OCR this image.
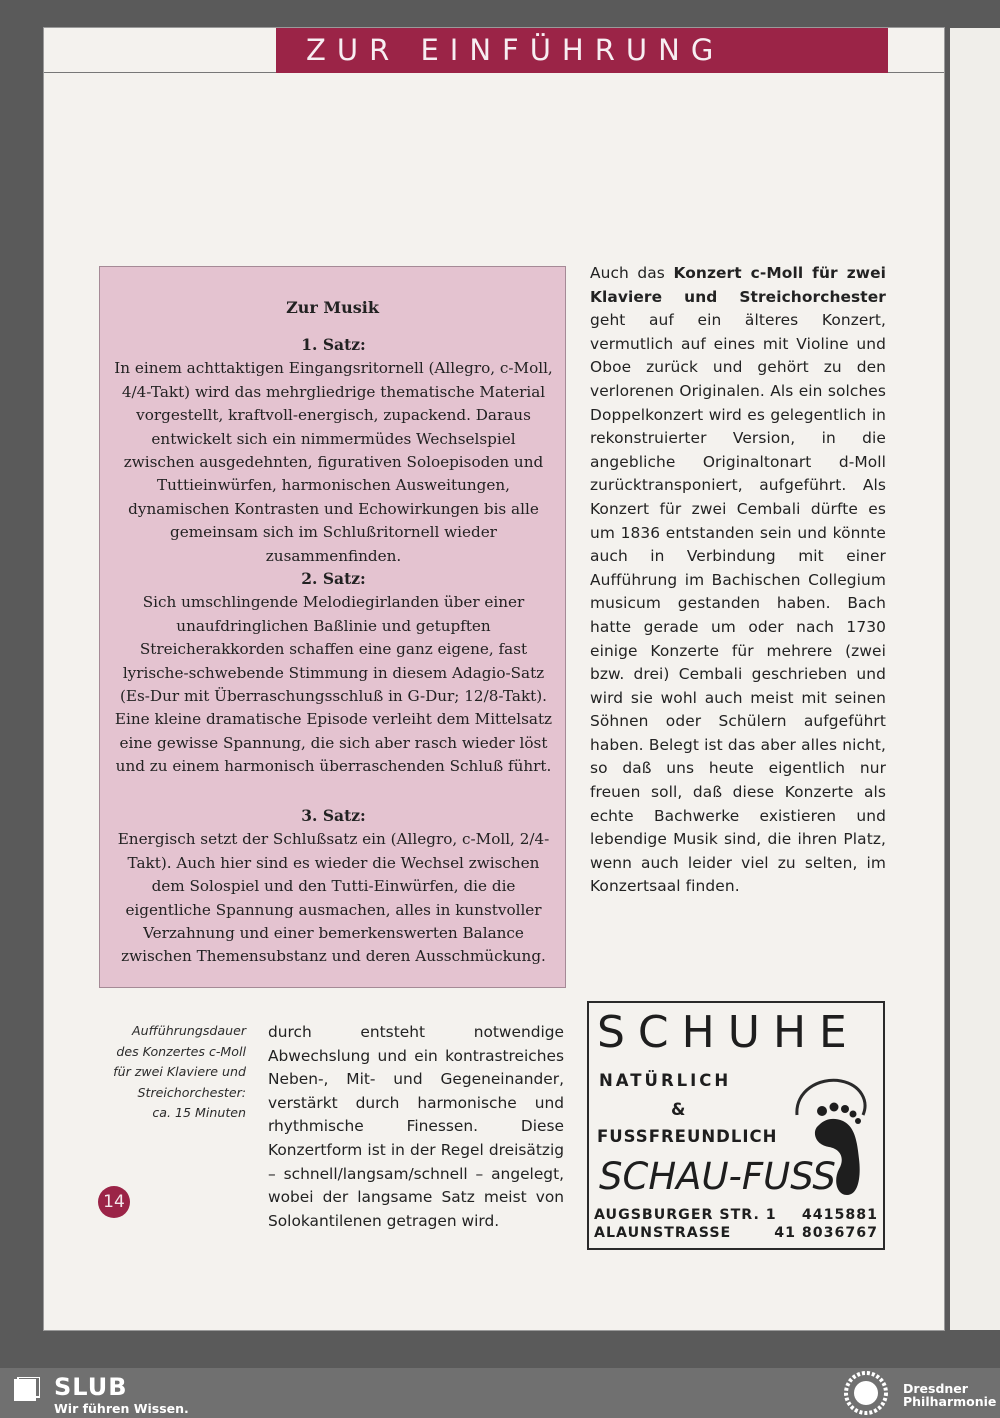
ZUR EINFÜHRUNG
Zur Musik
1. Satz:

In einem achttaktigen Eingangsritornell (Allegro, c-Moll, 4/4-Takt) wird das mehrgliedrige thematische Material vorgestellt, kraftvoll-energisch, zupackend. Daraus entwickelt sich ein nimmermüdes Wechselspiel zwischen ausgedehnten, figurativen Soloepisoden und Tuttieinwürfen, harmonischen Ausweitungen, dynamischen Kontrasten und Echowirkungen bis alle gemeinsam sich im Schlußritornell wieder zusammenfinden.

2. Satz:

Sich umschlingende Melodiegirlanden über einer unaufdringlichen Baßlinie und getupften Streicherakkorden schaffen eine ganz eigene, fast lyrische-schwebende Stimmung in diesem Adagio-Satz (Es-Dur mit Überraschungsschluß in G-Dur; 12/8-Takt). Eine kleine dramatische Episode verleiht dem Mittelsatz eine gewisse Spannung, die sich aber rasch wieder löst und zu einem harmonisch überraschenden Schluß führt.

3. Satz:

Energisch setzt der Schlußsatz ein (Allegro, c-Moll, 2/4-Takt). Auch hier sind es wieder die Wechsel zwischen dem Solospiel und den Tutti-Einwürfen, die die eigentliche Spannung ausmachen, alles in kunstvoller Verzahnung und einer bemerkenswerten Balance zwischen Themensubstanz und deren Ausschmückung.

Auch das Konzert c-Moll für zwei Klaviere und Streichorchester geht auf ein älteres Konzert, vermutlich auf eines mit Violine und Oboe zurück und gehört zu den verlorenen Originalen. Als ein solches Doppelkonzert wird es gelegentlich in rekonstruierter Version, in die angebliche Originaltonart d-Moll zurücktransponiert, aufgeführt. Als Konzert für zwei Cembali dürfte es um 1836 entstanden sein und könnte auch in Verbindung mit einer Aufführung im Bachischen Collegium musicum gestanden haben. Bach hatte gerade um oder nach 1730 einige Konzerte für mehrere (zwei bzw. drei) Cembali geschrieben und wird sie wohl auch meist mit seinen Söhnen oder Schülern aufgeführt haben. Belegt ist das aber alles nicht, so daß uns heute eigentlich nur freuen soll, daß diese Konzerte als echte Bachwerke existieren und lebendige Musik sind, die ihren Platz, wenn auch leider viel zu selten, im Konzertsaal finden.
Aufführungsdauer
des Konzertes c-Moll
für zwei Klaviere und
Streichorchester:
ca. 15 Minuten
durch entsteht notwendige Abwechslung und ein kontrastreiches Neben-, Mit- und Gegeneinander, verstärkt durch harmonische und rhythmische Finessen. Diese Konzertform ist in der Regel dreisätzig – schnell/langsam/schnell – angelegt, wobei der langsame Satz meist von Solokantilenen getragen wird.
14
SCHUHE
NATÜRLICH
&
FUSSFREUNDLICH
SCHAU-FUSS
AUGSBURGER STR. 1 4415881
ALAUNSTRASSE	41 8036767
SLUB
Wir führen Wissen.
Dresdner
Philharmonie
